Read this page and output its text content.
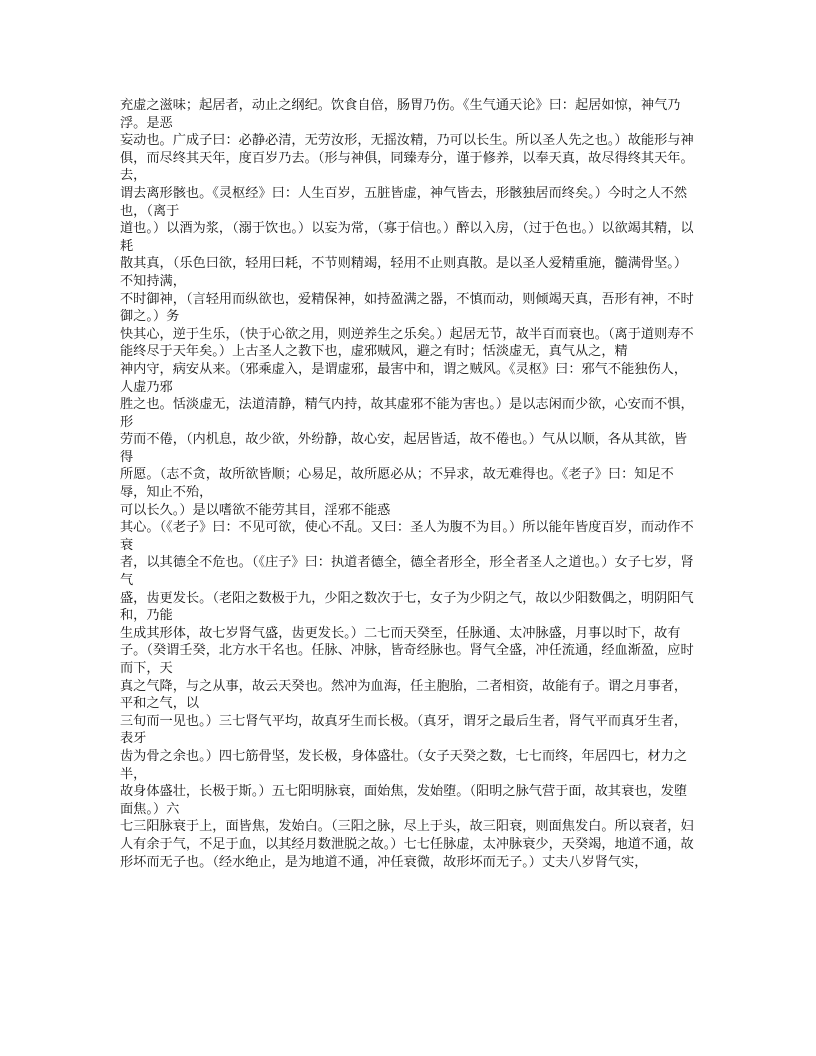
充虚之滋味；起居者，动止之纲纪。饮食自倍，肠胃乃伤。《生气通天论》曰：起居如惊，神气乃浮。是恶
妄动也。广成子曰：必静必清，无劳汝形，无摇汝精，乃可以长生。所以圣人先之也。）故能形与神
俱，而尽终其天年，度百岁乃去。（形与神俱，同臻寿分，谨于修养，以奉天真，故尽得终其天年。去，
谓去离形骸也。《灵枢经》曰：人生百岁，五脏皆虚，神气皆去，形骸独居而终矣。）今时之人不然也，（离于
道也。）以酒为浆，（溺于饮也。）以妄为常，（寡于信也。）醉以入房，（过于色也。）以欲竭其精，以耗
散其真，（乐色曰欲，轻用曰耗，不节则精竭，轻用不止则真散。是以圣人爱精重施，髓满骨坚。）不知持满，
不时御神，（言轻用而纵欲也，爱精保神，如持盈满之器，不慎而动，则倾竭天真，吾形有神，不时御之。）务
快其心，逆于生乐，（快于心欲之用，则逆养生之乐矣。）起居无节，故半百而衰也。（离于道则寿不
能终尽于天年矣。）上古圣人之教下也，虚邪贼风，避之有时；恬淡虚无，真气从之，精
神内守，病安从来。（邪乘虚入，是谓虚邪，最害中和，谓之贼风。《灵枢》曰：邪气不能独伤人，人虚乃邪
胜之也。恬淡虚无，法道清静，精气内持，故其虚邪不能为害也。）是以志闲而少欲，心安而不惧，形
劳而不倦，（内机息，故少欲，外纷静，故心安，起居皆适，故不倦也。）气从以顺，各从其欲，皆得
所愿。（志不贪，故所欲皆顺；心易足，故所愿必从；不异求，故无难得也。《老子》曰：知足不辱，知止不殆，
可以长久。）是以嗜欲不能劳其目，淫邪不能惑
其心。（《老子》曰：不见可欲，使心不乱。又曰：圣人为腹不为目。）所以能年皆度百岁，而动作不衰
者，以其德全不危也。（《庄子》曰：执道者德全，德全者形全，形全者圣人之道也。）女子七岁，肾气
盛，齿更发长。（老阳之数极于九，少阳之数次于七，女子为少阴之气，故以少阳数偶之，明阴阳气和，乃能
生成其形体，故七岁肾气盛，齿更发长。）二七而天癸至，任脉通、太冲脉盛，月事以时下，故有子。（癸谓壬癸，北方水干名也。任脉、冲脉，皆奇经脉也。肾气全盛，冲任流通，经血渐盈，应时而下，天
真之气降，与之从事，故云天癸也。然冲为血海，任主胞胎，二者相资，故能有子。谓之月事者，平和之气，以
三旬而一见也。）三七肾气平均，故真牙生而长极。（真牙，谓牙之最后生者，肾气平而真牙生者，表牙
齿为骨之余也。）四七筋骨坚，发长极，身体盛壮。（女子天癸之数，七七而终，年居四七，材力之半，
故身体盛壮，长极于斯。）五七阳明脉衰，面始焦，发始堕。（阳明之脉气营于面，故其衰也，发堕面焦。）六
七三阳脉衰于上，面皆焦，发始白。（三阳之脉，尽上于头，故三阳衰，则面焦发白。所以衰者，妇
人有余于气，不足于血，以其经月数泄脱之故。）七七任脉虚，太冲脉衰少，天癸竭，地道不通，故形坏而无子也。（经水绝止，是为地道不通，冲任衰微，故形坏而无子。）丈夫八岁肾气实，
